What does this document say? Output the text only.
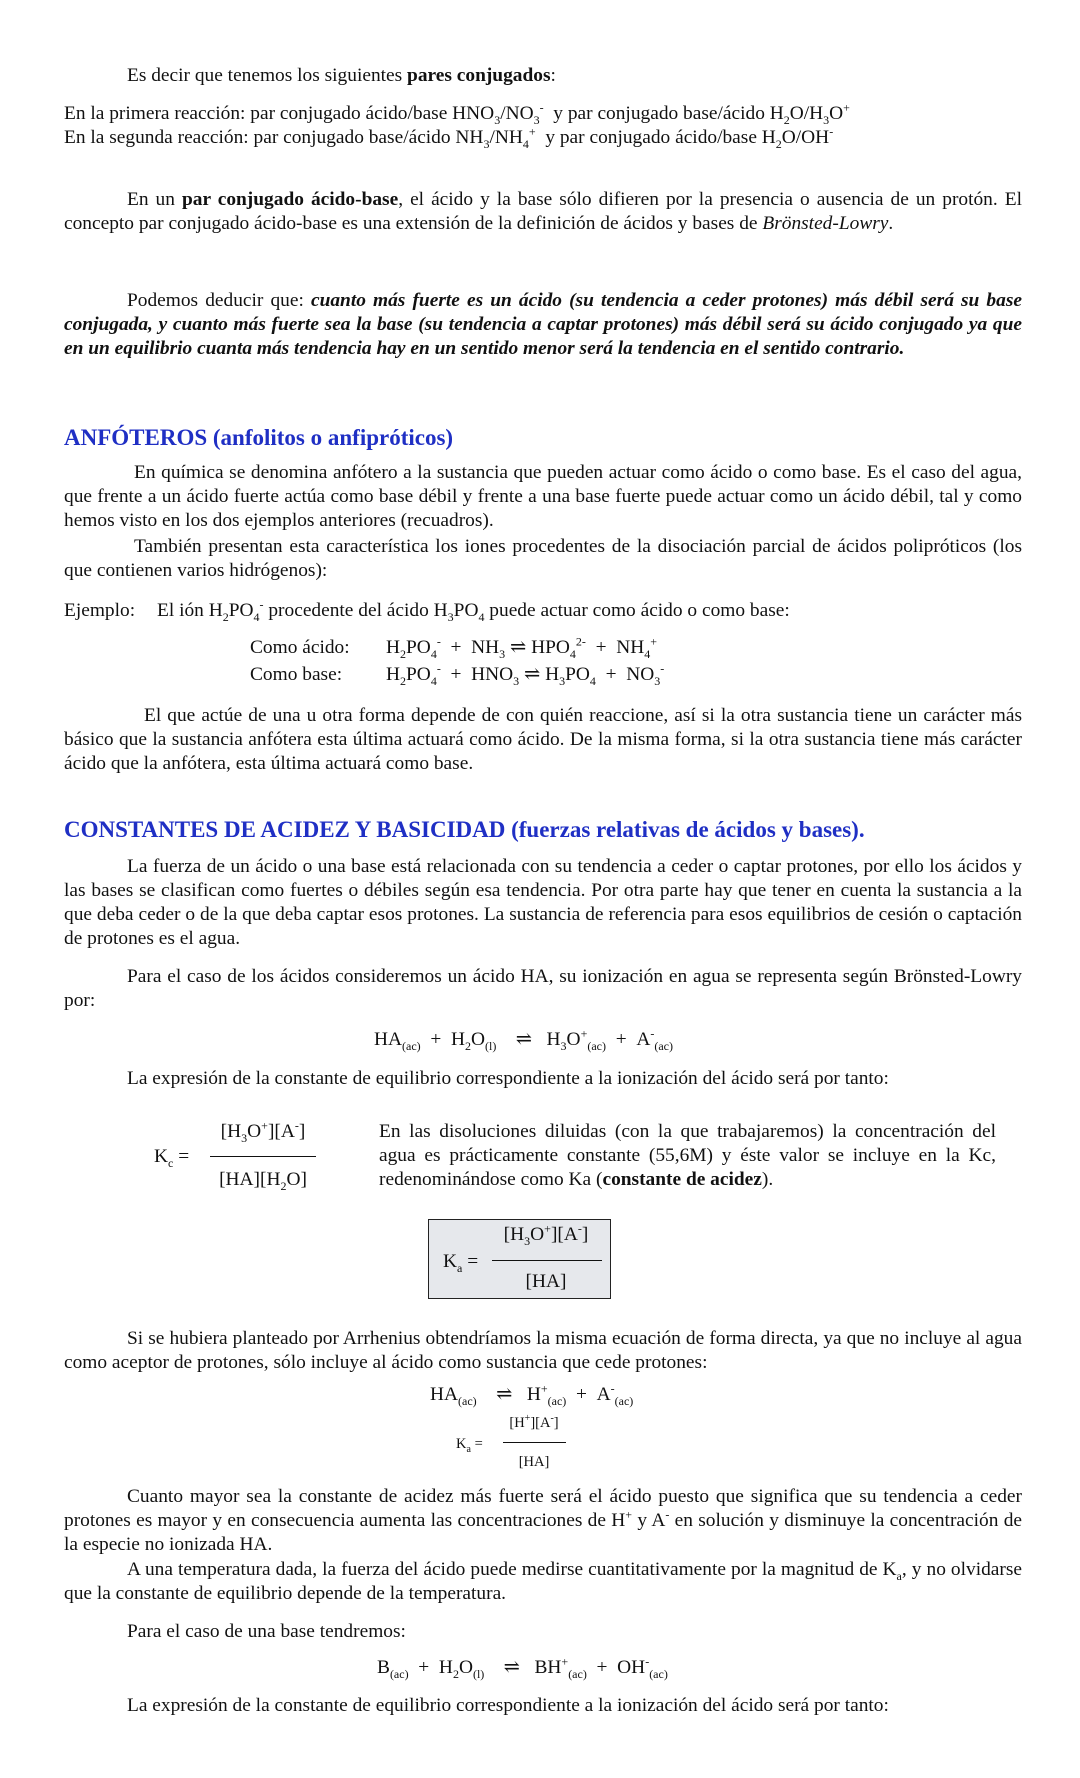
Es decir que tenemos los siguientes pares conjugados:
En la primera reacción: par conjugado ácido/base $HNO_3/NO_3^-$  y par conjugado base/ácido $H_2O/H_3O^+$
En la segunda reacción: par conjugado base/ácido $NH_3/NH_4^+$  y par conjugado ácido/base $H_2O/OH^-$
En un par conjugado ácido-base, el ácido y la base sólo difieren por la presencia o ausencia de un protón. El concepto par conjugado ácido-base es una extensión de la definición de ácidos y bases de Brönsted-Lowry.
Podemos deducir que: cuanto más fuerte es un ácido (su tendencia a ceder protones) más débil será su base conjugada, y cuanto más fuerte sea la base (su tendencia a captar protones) más débil será su ácido conjugado ya que en un equilibrio cuanta más tendencia hay en un sentido menor será la tendencia en el sentido contrario.
ANFÓTEROS (anfolitos o anfipróticos)
En química se denomina anfótero a la sustancia que pueden actuar como ácido o como base. Es el caso del agua, que frente a un ácido fuerte actúa como base débil y frente a una base fuerte puede actuar como un ácido débil, tal y como hemos visto en los dos ejemplos anteriores (recuadros).
También presentan esta característica los iones procedentes de la disociación parcial de ácidos polipróticos (los que contienen varios hidrógenos):
Ejemplo: El ión $H_2PO_4^-$ procedente del ácido $H_3PO_4$ puede actuar como ácido o como base:
Como ácido: $H_2PO_4^- + NH_3$ ⇌ $HPO_4^{2-} + NH_4^+$
Como base: $H_2PO_4^- + HNO_3$ ⇌ $H_3PO_4 + NO_3^-$
El que actúe de una u otra forma depende de con quién reaccione, así si la otra sustancia tiene un carácter más básico que la sustancia anfótera esta última actuará como ácido. De la misma forma, si la otra sustancia tiene más carácter ácido que la anfótera, esta última actuará como base.
CONSTANTES DE ACIDEZ Y BASICIDAD (fuerzas relativas de ácidos y bases).
La fuerza de un ácido o una base está relacionada con su tendencia a ceder o captar protones, por ello los ácidos y las bases se clasifican como fuertes o débiles según esa tendencia. Por otra parte hay que tener en cuenta la sustancia a la que deba ceder o de la que deba captar esos protones. La sustancia de referencia para esos equilibrios de cesión o captación de protones es el agua.
Para el caso de los ácidos consideremos un ácido HA, su ionización en agua se representa según Brönsted-Lowry por:
$HA_{(ac)} + H_2O_{(l)}$    ⇌   $H_3O^+_{(ac)} + A^-_{(ac)}$
La expresión de la constante de equilibrio correspondiente a la ionización del ácido será por tanto:
$K_c$ =
$[H_3O^+][A^-]$
$[HA][H_2O]$
En las disoluciones diluidas (con la que trabajaremos) la concentración del agua es prácticamente constante (55,6M) y éste valor se incluye en la Kc, redenominándose como Ka (constante de acidez).
$K_a$ =
$[H_3O^+][A^-]$
[HA]
Si se hubiera planteado por Arrhenius obtendríamos la misma ecuación de forma directa, ya que no incluye al agua como aceptor de protones, sólo incluye al ácido como sustancia que cede protones:
$HA_{(ac)}$    ⇌   $H^+_{(ac)} + A^-_{(ac)}$
$K_a$ =
[H+][A-]
[HA]
Cuanto mayor sea la constante de acidez más fuerte será el ácido puesto que significa que su tendencia a ceder protones es mayor y en consecuencia aumenta las concentraciones de H+ y A- en solución y disminuye la concentración de la especie no ionizada HA.
A una temperatura dada, la fuerza del ácido puede medirse cuantitativamente por la magnitud de $K_a$, y no olvidarse que la constante de equilibrio depende de la temperatura.
Para el caso de una base tendremos:
$B_{(ac)} + H_2O_{(l)}$    ⇌   $BH^+_{(ac)} + OH^-_{(ac)}$
La expresión de la constante de equilibrio correspondiente a la ionización del ácido será por tanto:
